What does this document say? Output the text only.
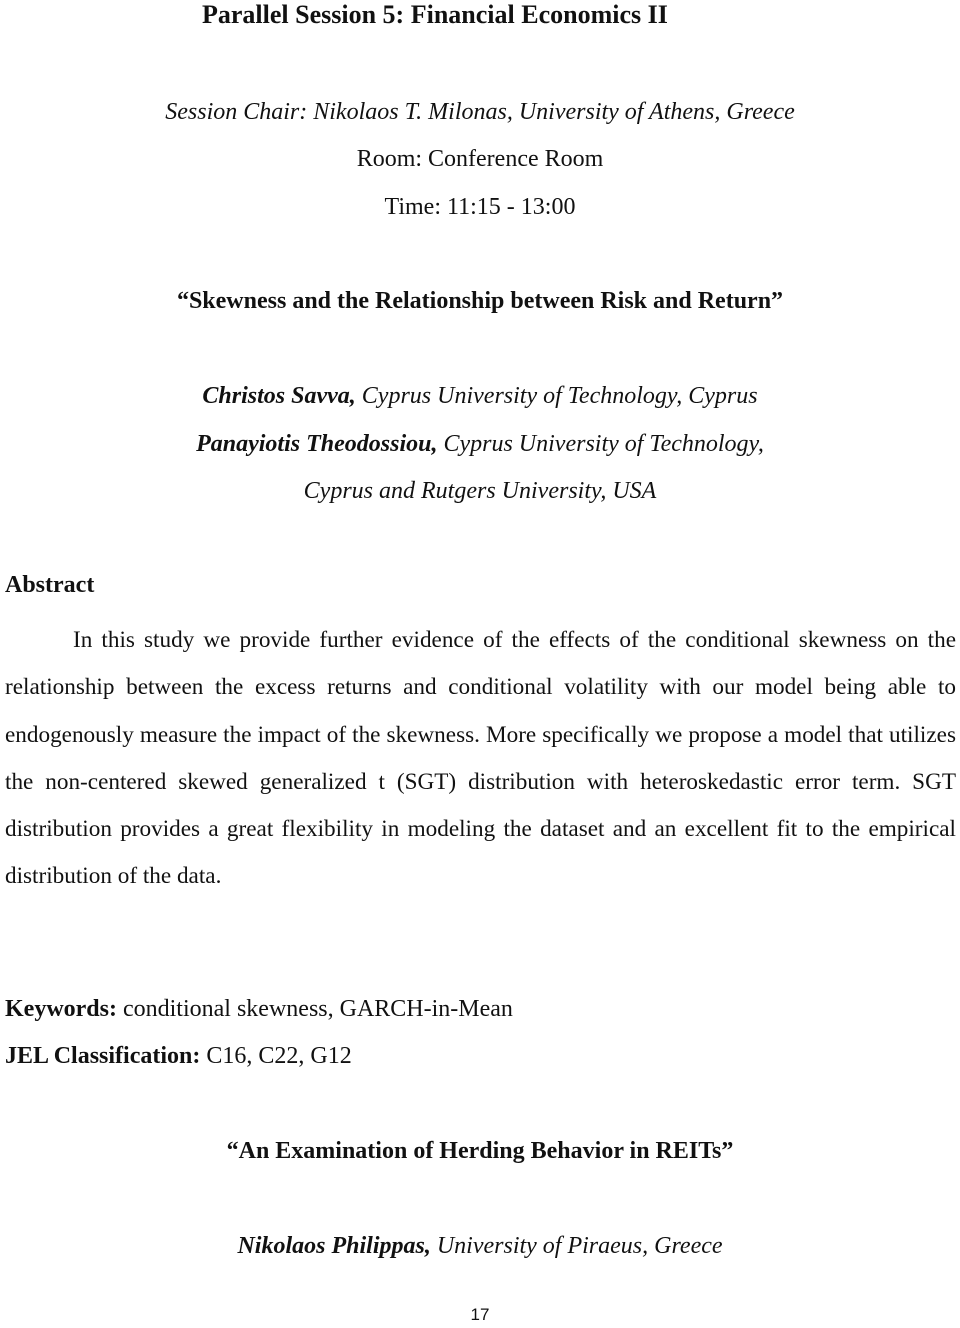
Parallel Session 5: Financial Economics II
Session Chair: Nikolaos T. Milonas, University of Athens, Greece
Room: Conference Room
Time: 11:15 - 13:00
“Skewness and the Relationship between Risk and Return”
Christos Savva, Cyprus University of Technology, Cyprus
Panayiotis Theodossiou, Cyprus University of Technology,
Cyprus and Rutgers University, USA
Abstract

In this study we provide further evidence of the effects of the conditional skewness on the relationship between the excess returns and conditional volatility with our model being able to endogenously measure the impact of the skewness. More specifically we propose a model that utilizes the non-centered skewed generalized t (SGT) distribution with heteroskedastic error term. SGT distribution provides a great flexibility in modeling the dataset and an excellent fit to the empirical distribution of the data.

Keywords: conditional skewness, GARCH-in-Mean
JEL Classification: C16, C22, G12
“An Examination of Herding Behavior in REITs”
Nikolaos Philippas, University of Piraeus, Greece
17
